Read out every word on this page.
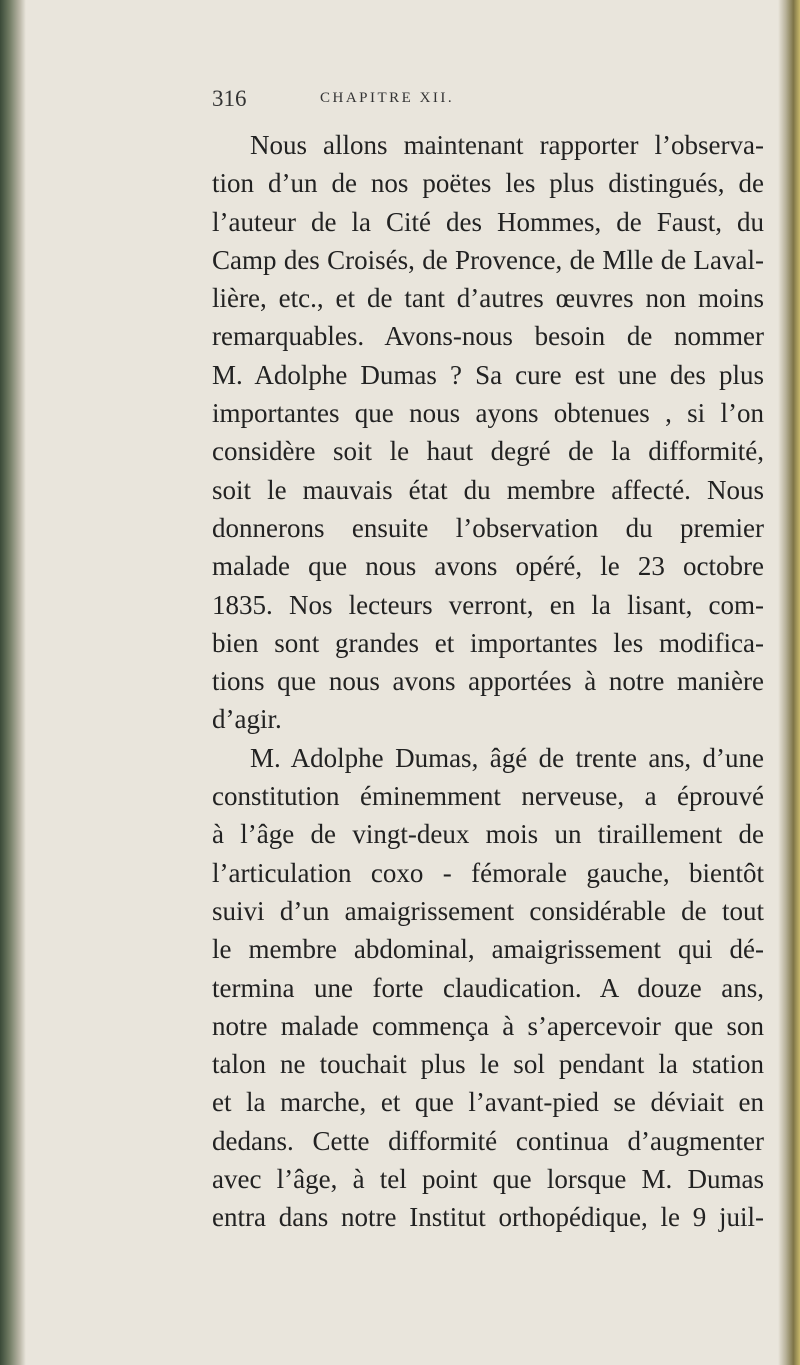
316	CHAPITRE XII.
Nous allons maintenant rapporter l’observa-
tion d’un de nos poëtes les plus distingués, de
l’auteur de la Cité des Hommes, de Faust, du
Camp des Croisés, de Provence, de Mlle de Laval-
lière, etc., et de tant d’autres œuvres non moins
remarquables. Avons-nous besoin de nommer
M. Adolphe Dumas ? Sa cure est une des plus
importantes que nous ayons obtenues , si l’on
considère soit le haut degré de la difformité,
soit le mauvais état du membre affecté. Nous
donnerons ensuite l’observation du premier
malade que nous avons opéré, le 23 octobre
1835. Nos lecteurs verront, en la lisant, com-
bien sont grandes et importantes les modifica-
tions que nous avons apportées à notre manière
d’agir.
M. Adolphe Dumas, âgé de trente ans, d’une
constitution éminemment nerveuse, a éprouvé
à l’âge de vingt-deux mois un tiraillement de
l’articulation coxo - fémorale gauche, bientôt
suivi d’un amaigrissement considérable de tout
le membre abdominal, amaigrissement qui dé-
termina une forte claudication. A douze ans,
notre malade commença à s’apercevoir que son
talon ne touchait plus le sol pendant la station
et la marche, et que l’avant-pied se déviait en
dedans. Cette difformité continua d’augmenter
avec l’âge, à tel point que lorsque M. Dumas
entra dans notre Institut orthopédique, le 9 juil-
